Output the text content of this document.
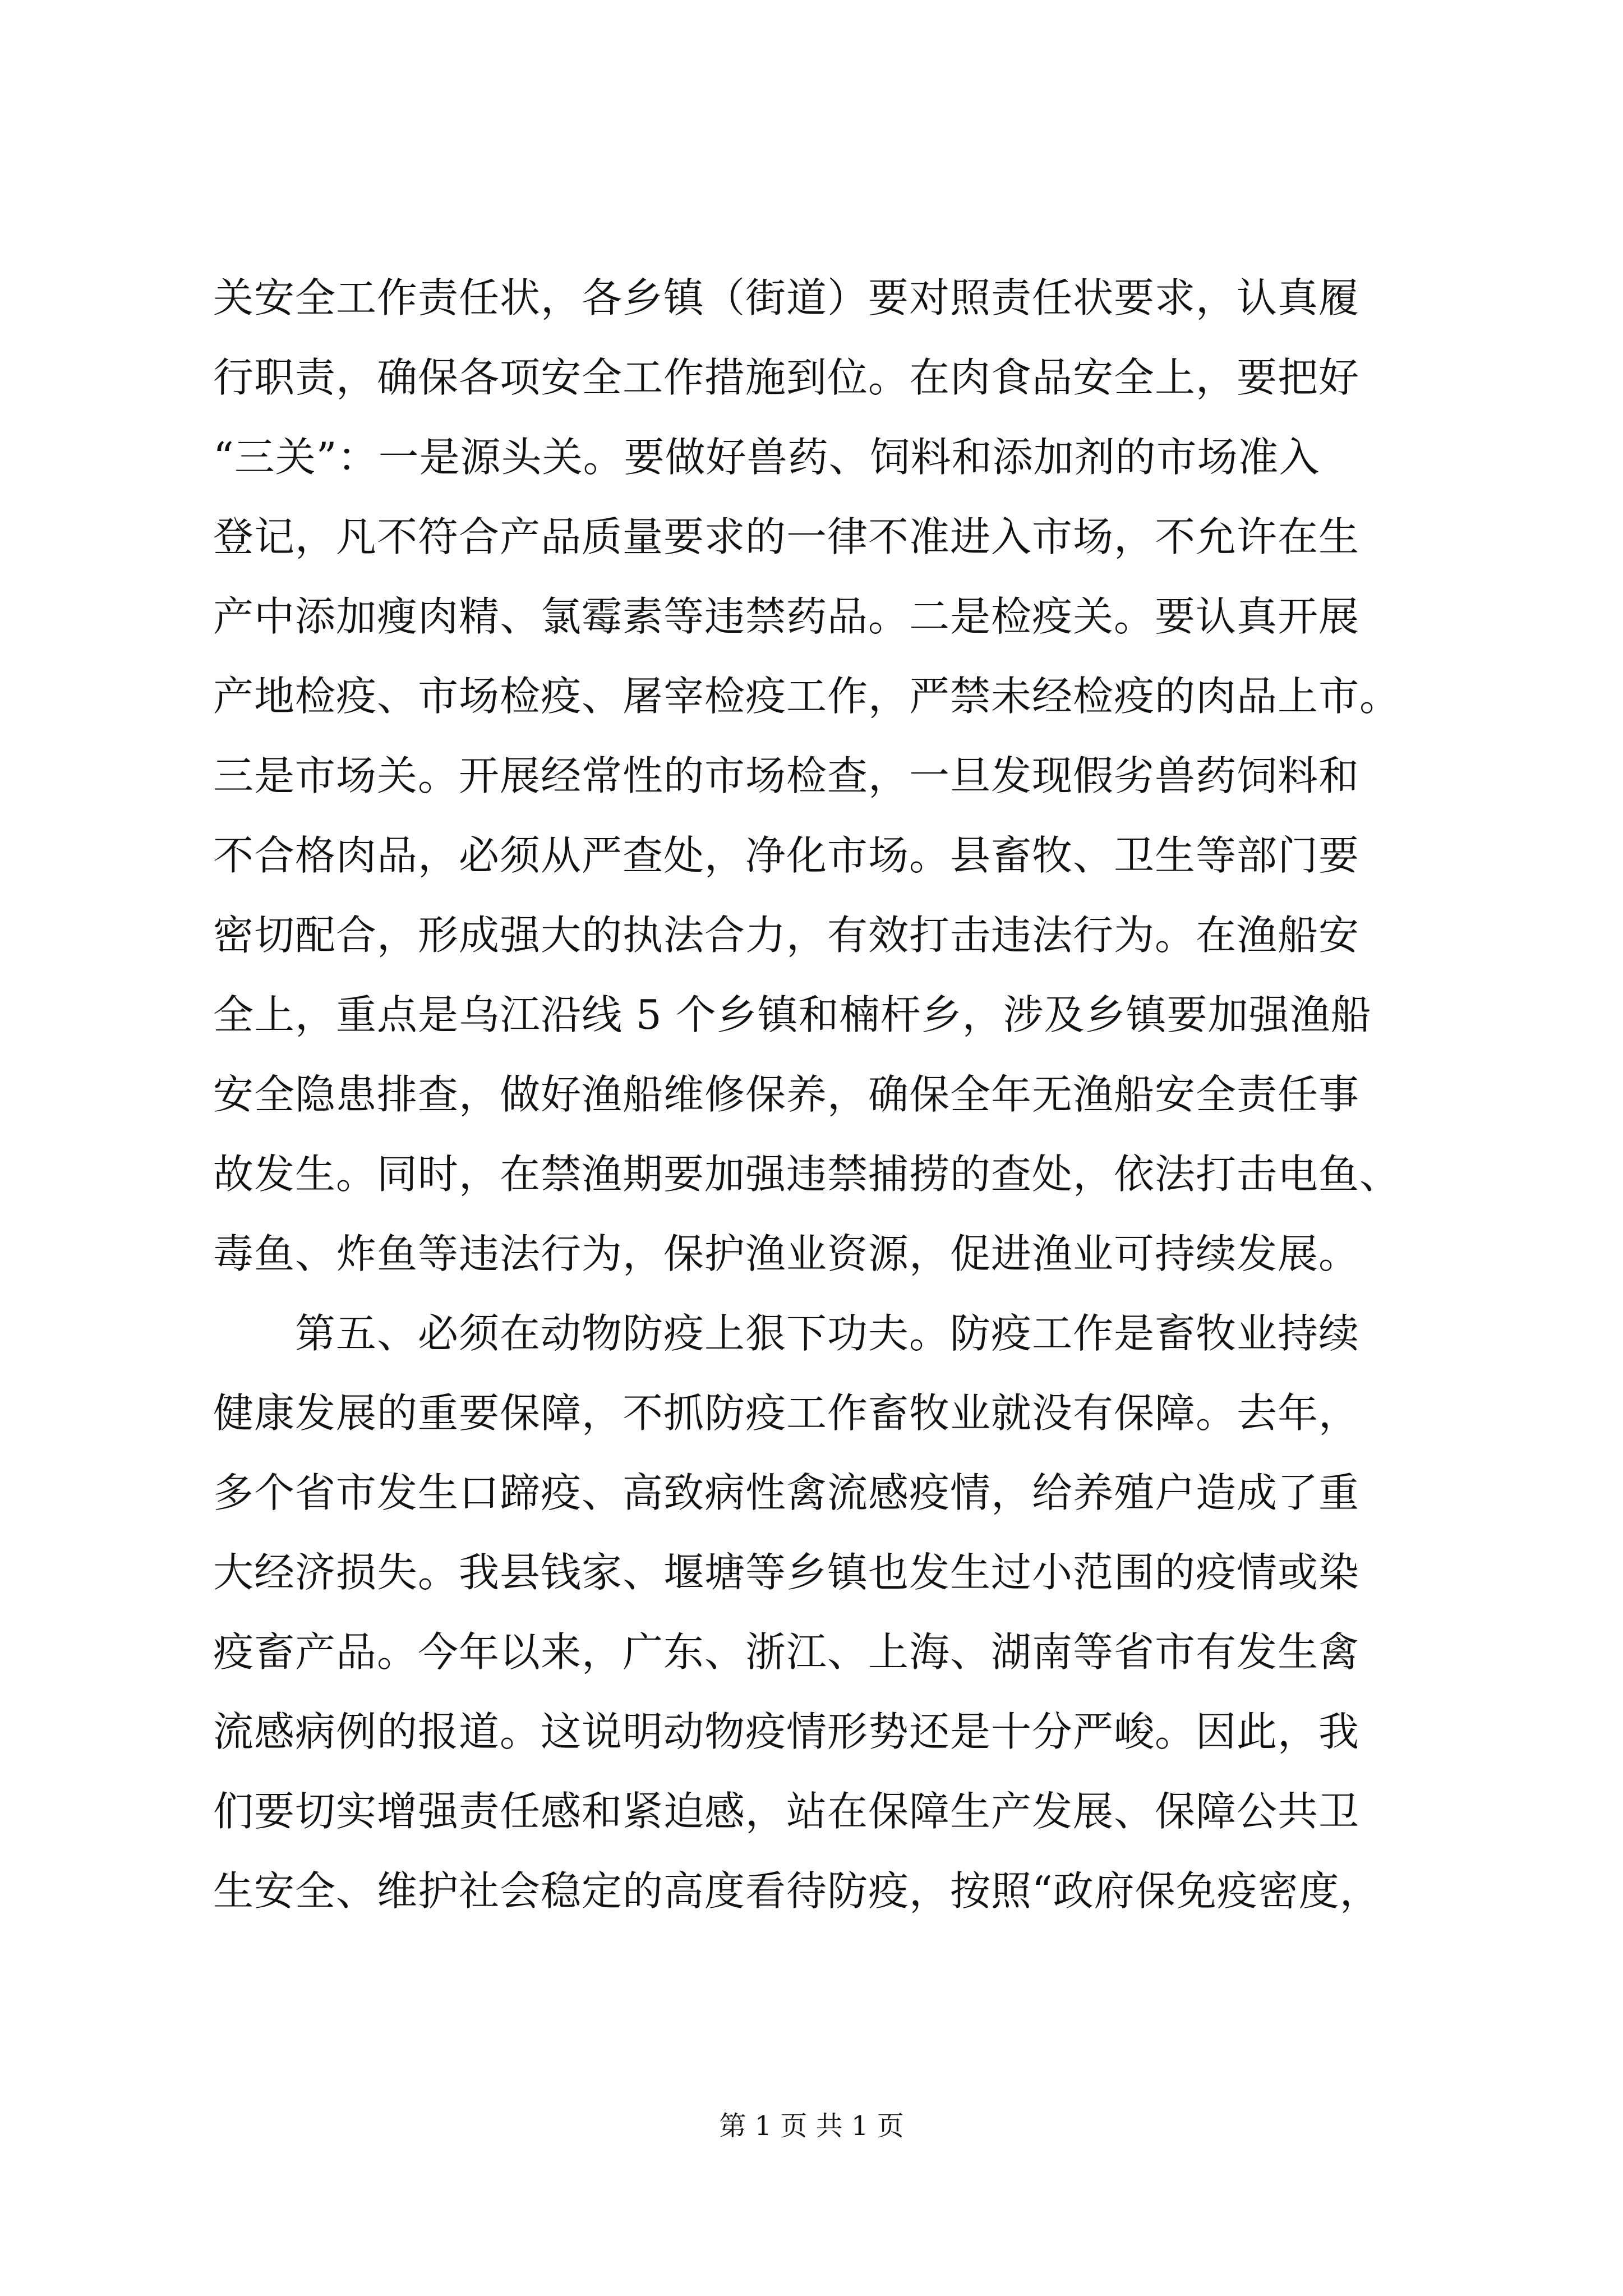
关安全工作责任状，各乡镇（街道）要对照责任状要求，认真履
行职责，确保各项安全工作措施到位。在肉食品安全上，要把好
“三关”：一是源头关。要做好兽药、饲料和添加剂的市场准入
登记，凡不符合产品质量要求的一律不准进入市场，不允许在生
产中添加瘦肉精、氯霉素等违禁药品。二是检疫关。要认真开展
产地检疫、市场检疫、屠宰检疫工作，严禁未经检疫的肉品上市。
三是市场关。开展经常性的市场检查，一旦发现假劣兽药饲料和
不合格肉品，必须从严查处，净化市场。县畜牧、卫生等部门要
密切配合，形成强大的执法合力，有效打击违法行为。在渔船安
全上，重点是乌江沿线 5 个乡镇和楠杆乡，涉及乡镇要加强渔船
安全隐患排查，做好渔船维修保养，确保全年无渔船安全责任事
故发生。同时，在禁渔期要加强违禁捕捞的查处，依法打击电鱼、
毒鱼、炸鱼等违法行为，保护渔业资源，促进渔业可持续发展。
　　第五、必须在动物防疫上狠下功夫。防疫工作是畜牧业持续
健康发展的重要保障，不抓防疫工作畜牧业就没有保障。去年，
多个省市发生口蹄疫、高致病性禽流感疫情，给养殖户造成了重
大经济损失。我县钱家、堰塘等乡镇也发生过小范围的疫情或染
疫畜产品。今年以来，广东、浙江、上海、湖南等省市有发生禽
流感病例的报道。这说明动物疫情形势还是十分严峻。因此，我
们要切实增强责任感和紧迫感，站在保障生产发展、保障公共卫
生安全、维护社会稳定的高度看待防疫，按照“政府保免疫密度，
第 1 页 共 1 页
